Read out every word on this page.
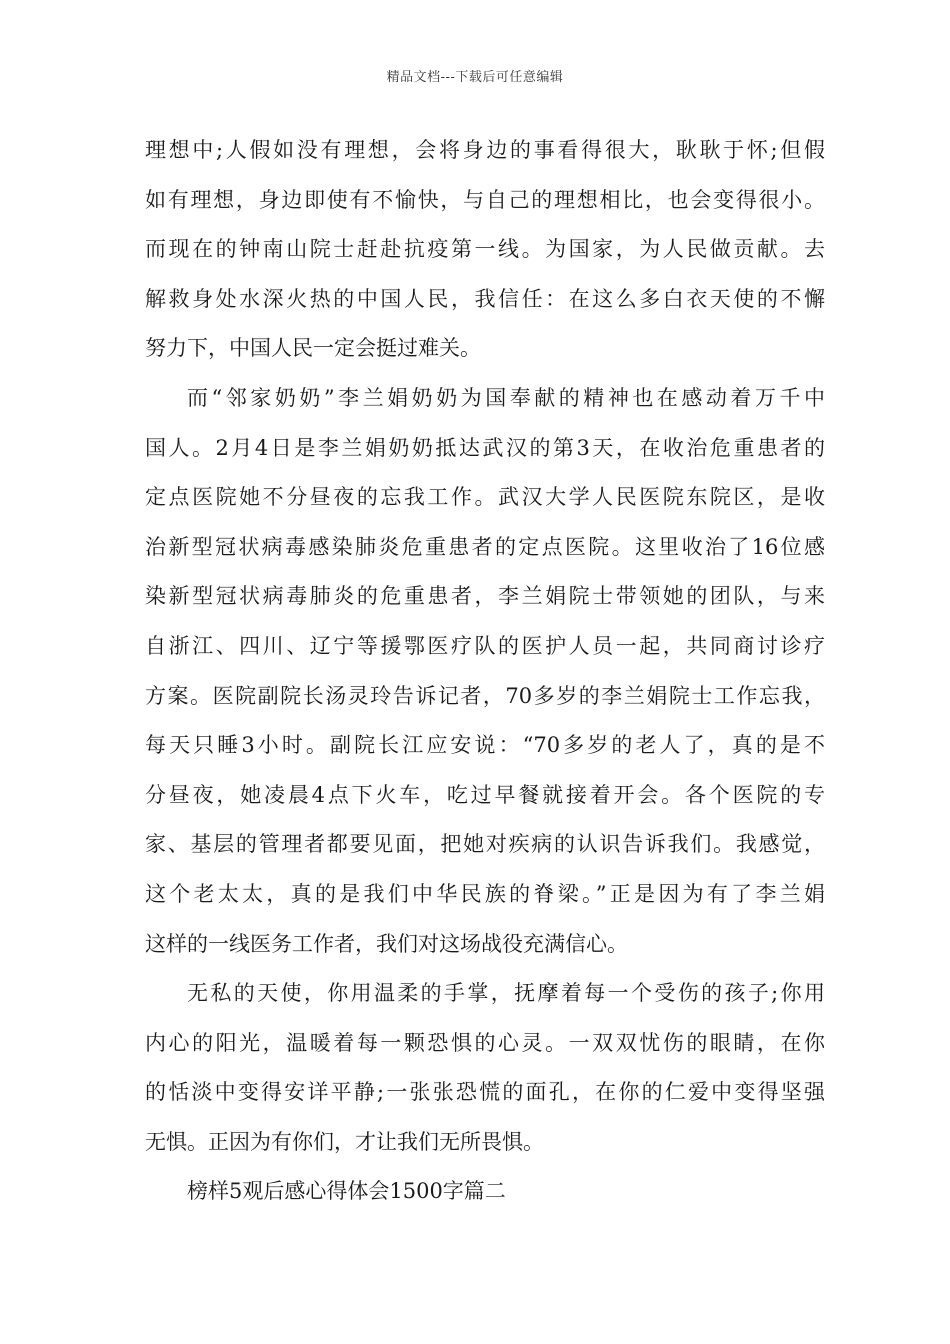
精品文档---下载后可任意编辑
理想中;人假如没有理想，会将身边的事看得很大，耿耿于怀;但假
如有理想，身边即使有不愉快，与自己的理想相比，也会变得很小。
而现在的钟南山院士赶赴抗疫第一线。为国家，为人民做贡献。去
解救身处水深火热的中国人民，我信任：在这么多白衣天使的不懈
努力下，中国人民一定会挺过难关。
而“邻家奶奶”李兰娟奶奶为国奉献的精神也在感动着万千中
国人。2月4日是李兰娟奶奶抵达武汉的第3天，在收治危重患者的
定点医院她不分昼夜的忘我工作。武汉大学人民医院东院区，是收
治新型冠状病毒感染肺炎危重患者的定点医院。这里收治了16位感
染新型冠状病毒肺炎的危重患者，李兰娟院士带领她的团队，与来
自浙江、四川、辽宁等援鄂医疗队的医护人员一起，共同商讨诊疗
方案。医院副院长汤灵玲告诉记者，70多岁的李兰娟院士工作忘我，
每天只睡3小时。副院长江应安说：“70多岁的老人了，真的是不
分昼夜，她凌晨4点下火车，吃过早餐就接着开会。各个医院的专
家、基层的管理者都要见面，把她对疾病的认识告诉我们。我感觉，
这个老太太，真的是我们中华民族的脊梁。”正是因为有了李兰娟
这样的一线医务工作者，我们对这场战役充满信心。
无私的天使，你用温柔的手掌，抚摩着每一个受伤的孩子;你用
内心的阳光，温暖着每一颗恐惧的心灵。一双双忧伤的眼睛，在你
的恬淡中变得安详平静;一张张恐慌的面孔，在你的仁爱中变得坚强
无惧。正因为有你们，才让我们无所畏惧。
榜样5观后感心得体会1500字篇二
